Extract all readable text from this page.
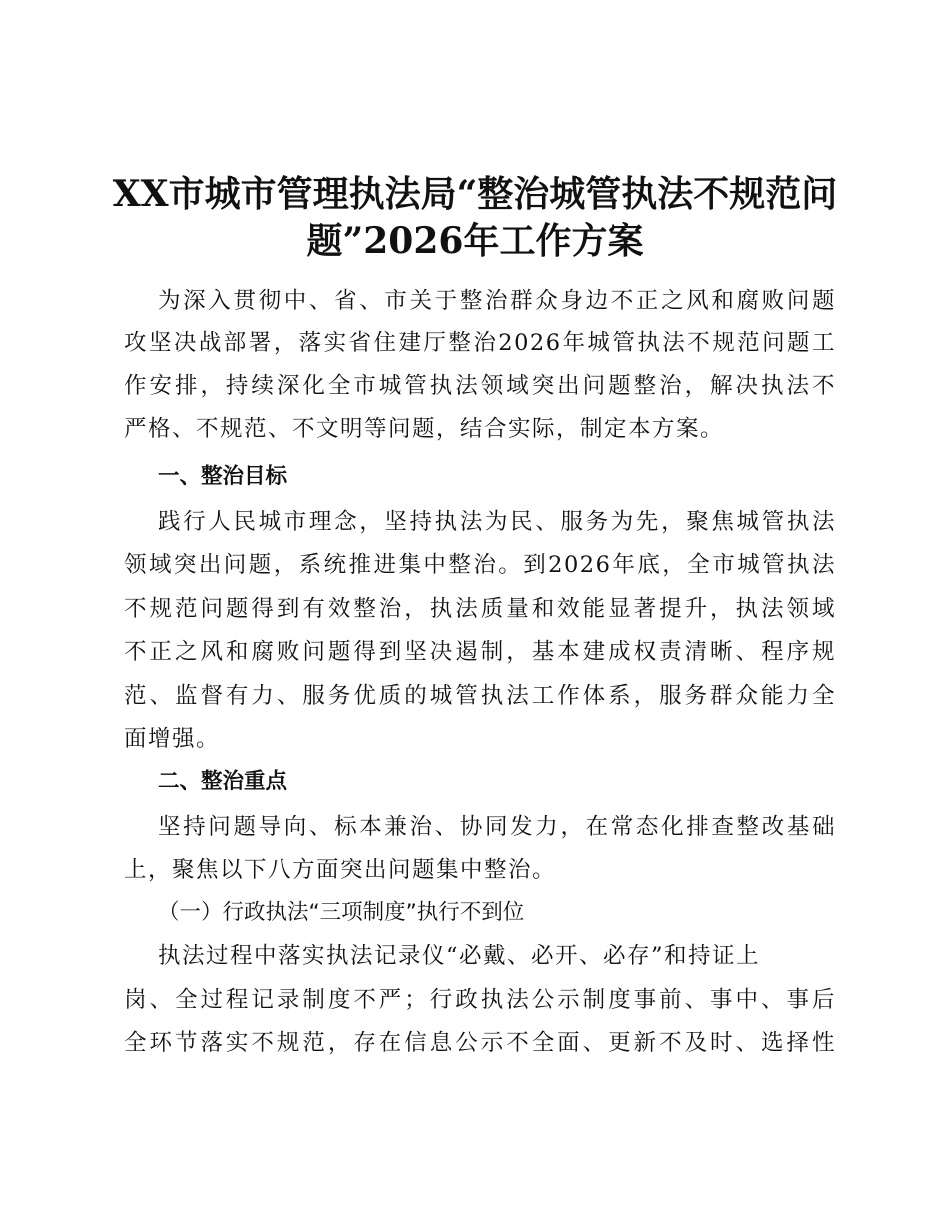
XX市城市管理执法局“整治城管执法不规范问
题”2026年工作方案
为深入贯彻中、省、市关于整治群众身边不正之风和腐败问题
攻坚决战部署，落实省住建厅整治2026年城管执法不规范问题工
作安排，持续深化全市城管执法领域突出问题整治，解决执法不
严格、不规范、不文明等问题，结合实际，制定本方案。
一、整治目标
践行人民城市理念，坚持执法为民、服务为先，聚焦城管执法
领域突出问题，系统推进集中整治。到2026年底，全市城管执法
不规范问题得到有效整治，执法质量和效能显著提升，执法领域
不正之风和腐败问题得到坚决遏制，基本建成权责清晰、程序规
范、监督有力、服务优质的城管执法工作体系，服务群众能力全
面增强。
二、整治重点
坚持问题导向、标本兼治、协同发力，在常态化排查整改基础
上，聚焦以下八方面突出问题集中整治。
（一）行政执法“三项制度”执行不到位
执法过程中落实执法记录仪“必戴、必开、必存”和持证上
岗、全过程记录制度不严；行政执法公示制度事前、事中、事后
全环节落实不规范，存在信息公示不全面、更新不及时、选择性
